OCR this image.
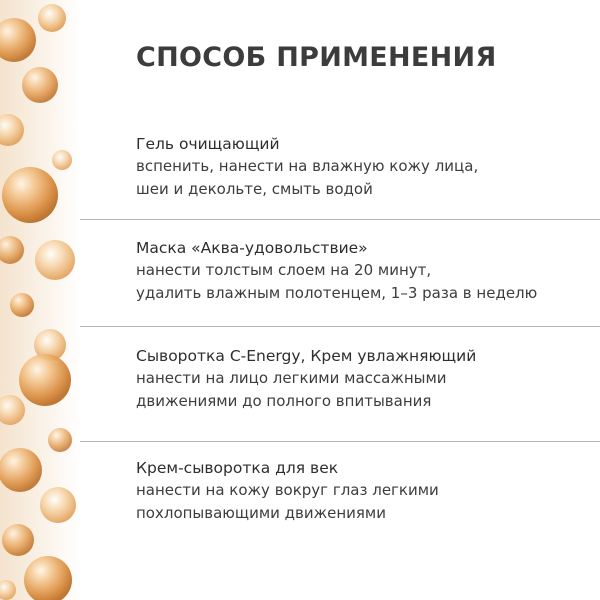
СПОСОБ ПРИМЕНЕНИЯ
Гель очищающий
вспенить, нанести на влажную кожу лица,
шеи и декольте, смыть водой
Маска «Аква-удовольствие»
нанести толстым слоем на 20 минут,
удалить влажным полотенцем, 1–3 раза в неделю
Сыворотка C-Energy, Крем увлажняющий
нанести на лицо легкими массажными
движениями до полного впитывания
Крем-сыворотка для век
нанести на кожу вокруг глаз легкими
похлопывающими движениями
